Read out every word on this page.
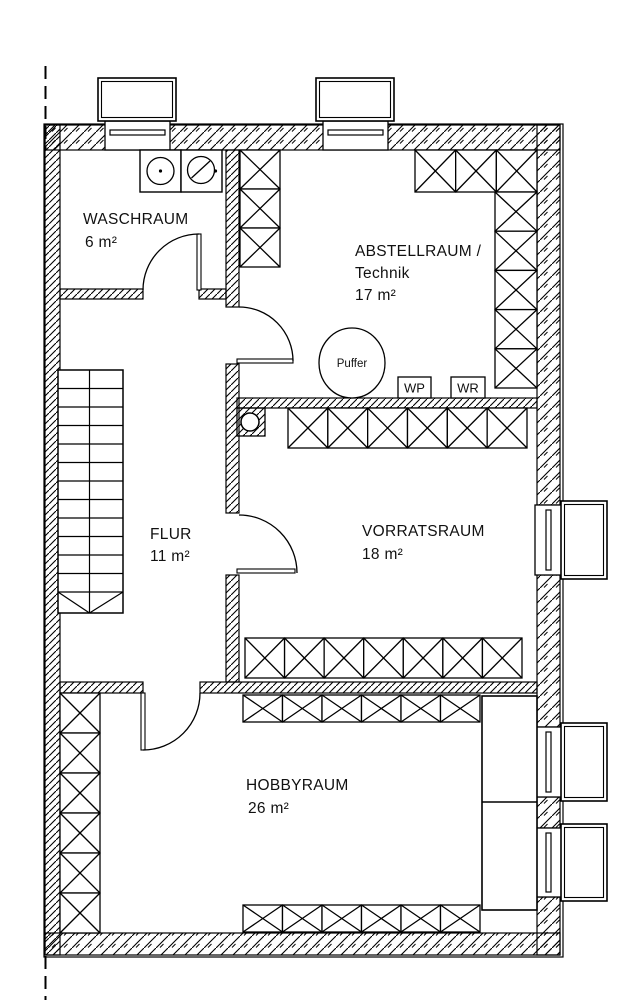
Puffer
WP WR
WASCHRAUM
6 m²
ABSTELLRAUM /
Technik
17 m²
FLUR
11 m²
VORRATSRAUM
18 m²
HOBBYRAUM
26 m²
